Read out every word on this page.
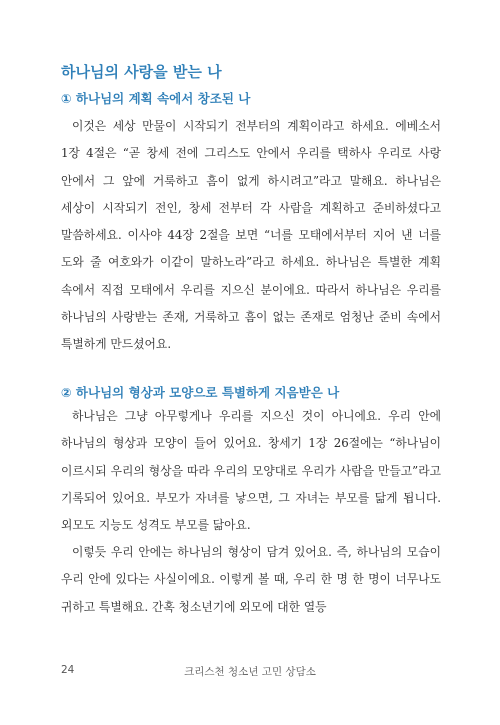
하나님의 사랑을 받는 나
① 하나님의 계획 속에서 창조된 나

이것은 세상 만물이 시작되기 전부터의 계획이라고 하세요. 에베소서 1장 4절은 “곧 창세 전에 그리스도 안에서 우리를 택하사 우리로 사랑 안에서 그 앞에 거룩하고 흠이 없게 하시려고”라고 말해요. 하나님은 세상이 시작되기 전인, 창세 전부터 각 사람을 계획하고 준비하셨다고 말씀하세요. 이사야 44장 2절을 보면 “너를 모태에서부터 지어 낸 너를 도와 줄 여호와가 이같이 말하노라”라고 하세요. 하나님은 특별한 계획 속에서 직접 모태에서 우리를 지으신 분이에요. 따라서 하나님은 우리를 하나님의 사랑받는 존재, 거룩하고 흠이 없는 존재로 엄청난 준비 속에서 특별하게 만드셨어요.

② 하나님의 형상과 모양으로 특별하게 지음받은 나

하나님은 그냥 아무렇게나 우리를 지으신 것이 아니에요. 우리 안에 하나님의 형상과 모양이 들어 있어요. 창세기 1장 26절에는 “하나님이 이르시되 우리의 형상을 따라 우리의 모양대로 우리가 사람을 만들고”라고 기록되어 있어요. 부모가 자녀를 낳으면, 그 자녀는 부모를 닮게 됩니다. 외모도 지능도 성격도 부모를 닮아요.

이렇듯 우리 안에는 하나님의 형상이 담겨 있어요. 즉, 하나님의 모습이 우리 안에 있다는 사실이에요. 이렇게 볼 때, 우리 한 명 한 명이 너무나도 귀하고 특별해요. 간혹 청소년기에 외모에 대한 열등

24	크리스천 청소년 고민 상담소
